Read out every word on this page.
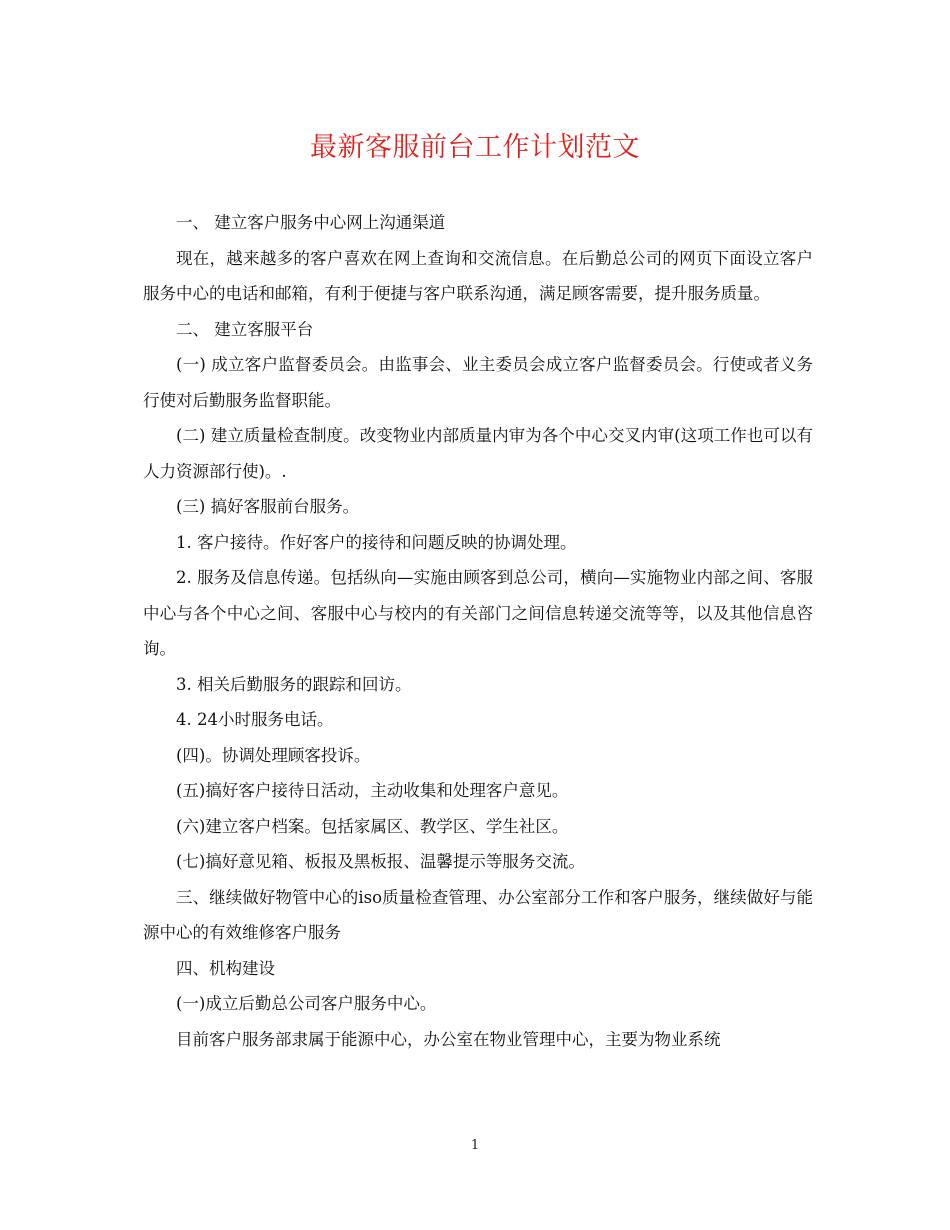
最新客服前台工作计划范文

一、 建立客户服务中心网上沟通渠道

现在，越来越多的客户喜欢在网上查询和交流信息。在后勤总公司的网页下面设立客户服务中心的电话和邮箱，有利于便捷与客户联系沟通，满足顾客需要，提升服务质量。

二、 建立客服平台

(一) 成立客户监督委员会。由监事会、业主委员会成立客户监督委员会。行使或者义务行使对后勤服务监督职能。

(二) 建立质量检查制度。改变物业内部质量内审为各个中心交叉内审(这项工作也可以有人力资源部行使)。.

(三) 搞好客服前台服务。

1. 客户接待。作好客户的接待和问题反映的协调处理。

2. 服务及信息传递。包括纵向—实施由顾客到总公司，横向—实施物业内部之间、客服中心与各个中心之间、客服中心与校内的有关部门之间信息转递交流等等，以及其他信息咨询。

3. 相关后勤服务的跟踪和回访。

4. 24小时服务电话。

(四)。协调处理顾客投诉。

(五)搞好客户接待日活动，主动收集和处理客户意见。

(六)建立客户档案。包括家属区、教学区、学生社区。

(七)搞好意见箱、板报及黑板报、温馨提示等服务交流。

三、继续做好物管中心的iso质量检查管理、办公室部分工作和客户服务，继续做好与能源中心的有效维修客户服务

四、机构建设

(一)成立后勤总公司客户服务中心。

目前客户服务部隶属于能源中心，办公室在物业管理中心，主要为物业系统

1
